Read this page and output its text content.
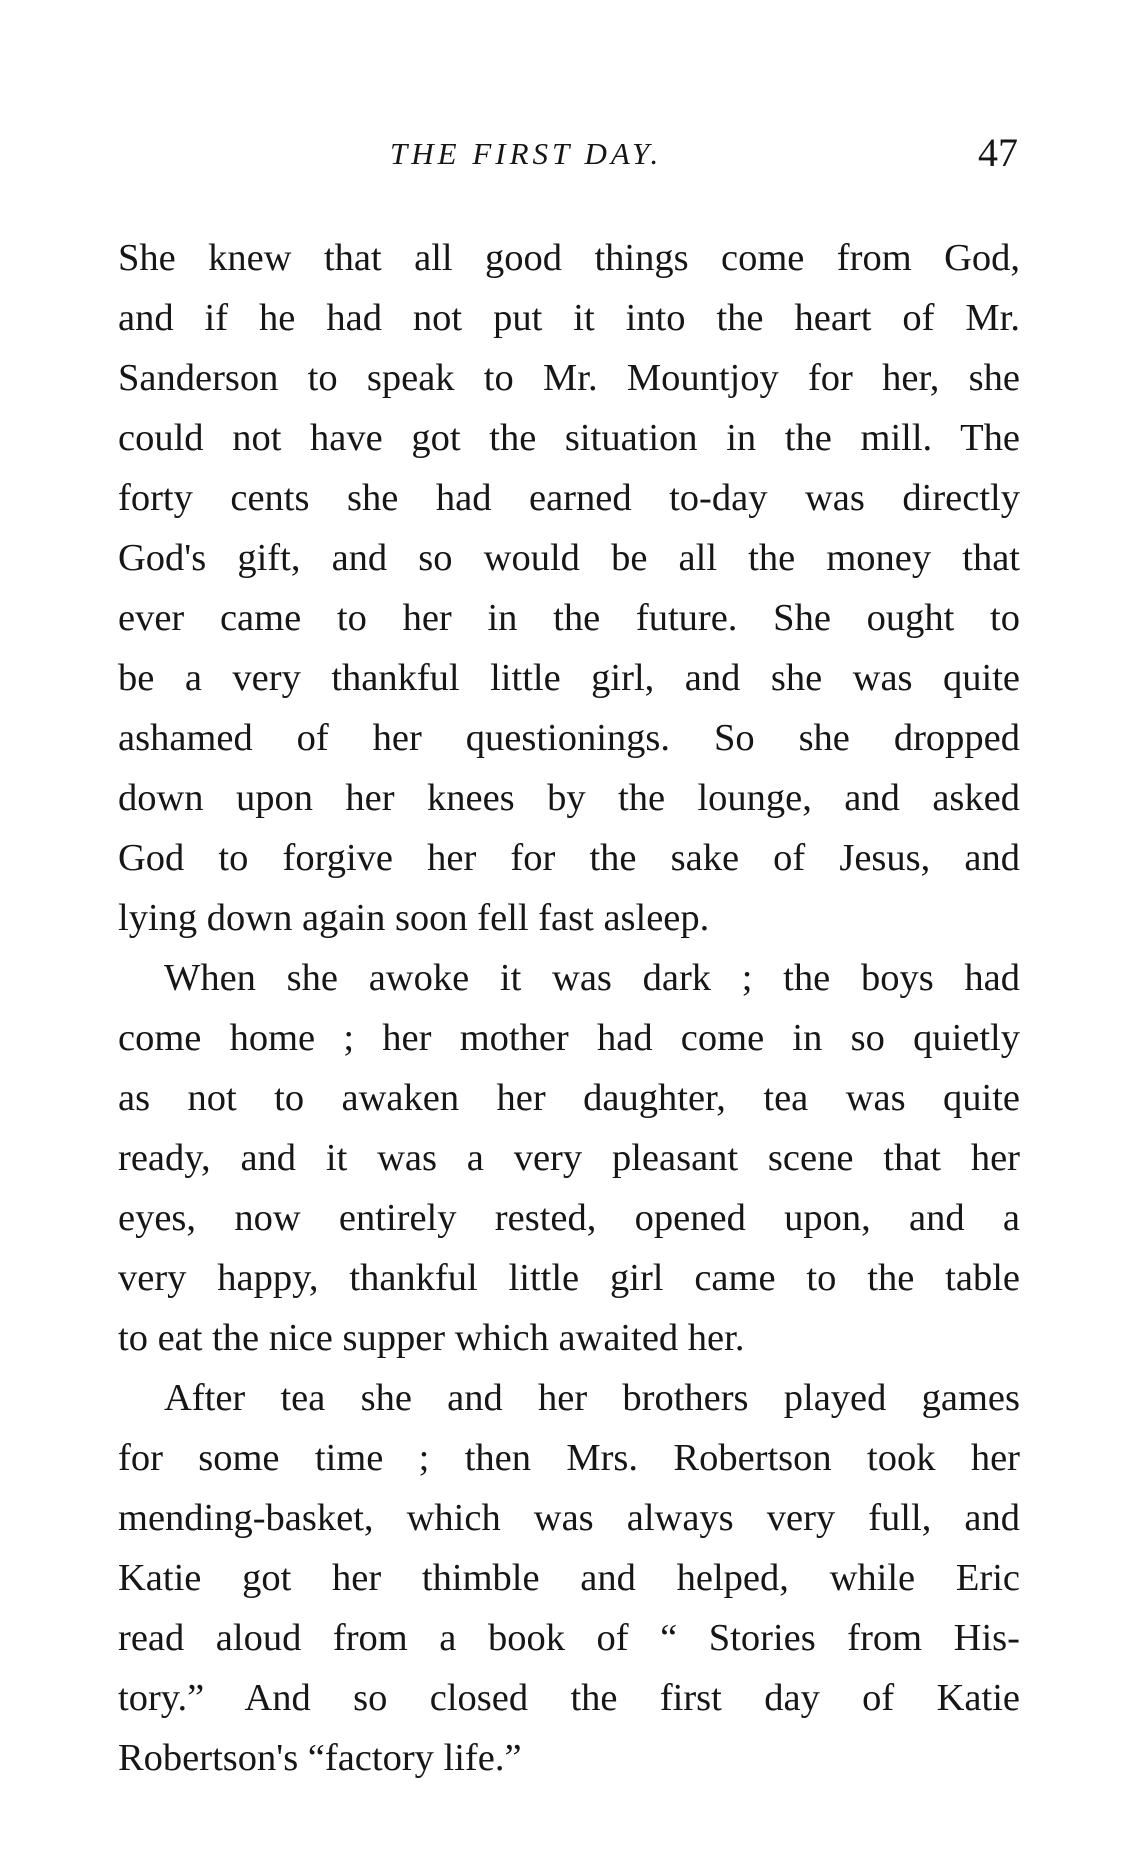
THE FIRST DAY.	47
She knew that all good things come from God,
and if he had not put it into the heart of Mr.
Sanderson to speak to Mr. Mountjoy for her, she
could not have got the situation in the mill. The
forty cents she had earned to-day was directly
God's gift, and so would be all the money that
ever came to her in the future. She ought to
be a very thankful little girl, and she was quite
ashamed of her questionings. So she dropped
down upon her knees by the lounge, and asked
God to forgive her for the sake of Jesus, and
lying down again soon fell fast asleep.
When she awoke it was dark ; the boys had
come home ; her mother had come in so quietly
as not to awaken her daughter, tea was quite
ready, and it was a very pleasant scene that her
eyes, now entirely rested, opened upon, and a
very happy, thankful little girl came to the table
to eat the nice supper which awaited her.
After tea she and her brothers played games
for some time ; then Mrs. Robertson took her
mending-basket, which was always very full, and
Katie got her thimble and helped, while Eric
read aloud from a book of “ Stories from His-
tory.” And so closed the first day of Katie
Robertson's “factory life.”
